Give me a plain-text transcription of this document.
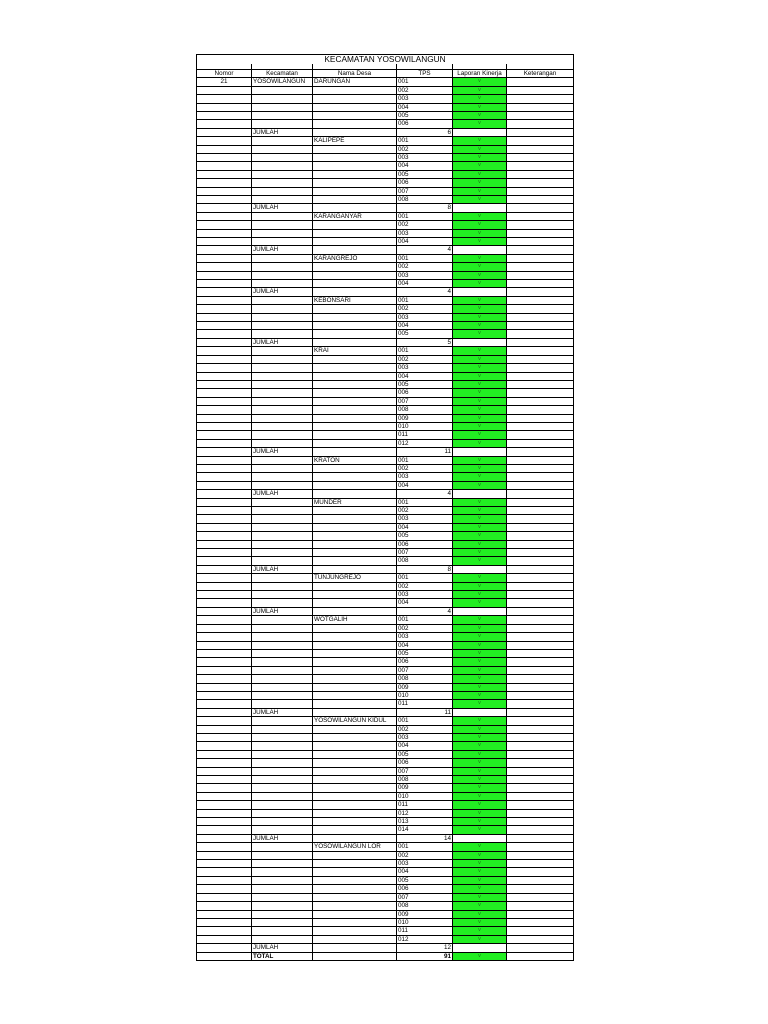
KECAMATAN YOSOWILANGUN					

Nomor	Kecamatan	Nama Desa	TPS	Laporan Kinerja	Keterangan
21	YOSOWILANGUN	DARUNGAN	001	v	
			002	v	
			003	v	
			004	v	
			005	v	
			006	v	
	JUMLAH		6		
		KALIPEPE	001	v	
			002	v	
			003	v	
			004	v	
			005	v	
			006	v	
			007	v	
			008	v	
	JUMLAH		8		
		KARANGANYAR	001	v	
			002	v	
			003	v	
			004	v	
	JUMLAH		4		
		KARANGREJO	001	v	
			002	v	
			003	v	
			004	v	
	JUMLAH		4		
		KEBONSARI	001	v	
			002	v	
			003	v	
			004	v	
			005	v	
	JUMLAH		5		
		KRAI	001	v	
			002	v	
			003	v	
			004	v	
			005	v	
			006	v	
			007	v	
			008	v	
			009	v	
			010	v	
			011	v	
			012	v	
	JUMLAH		11		
		KRATON	001	v	
			002	v	
			003	v	
			004	v	
	JUMLAH		4		
		MUNDER	001	v	
			002	v	
			003	v	
			004	v	
			005	v	
			006	v	
			007	v	
			008	v	
	JUMLAH		8		
		TUNJUNGREJO	001	v	
			002	v	
			003	v	
			004	v	
	JUMLAH		4		
		WOTGALIH	001	v	
			002	v	
			003	v	
			004	v	
			005	v	
			006	v	
			007	v	
			008	v	
			009	v	
			010	v	
			011	v	
	JUMLAH		11		
		YOSOWILANGUN KIDUL	001	v	
			002	v	
			003	v	
			004	v	
			005	v	
			006	v	
			007	v	
			008	v	
			009	v	
			010	v	
			011	v	
			012	v	
			013	v	
			014	v	
	JUMLAH		14		
		YOSOWILANGUN LOR	001	v	
			002	v	
			003	v	
			004	v	
			005	v	
			006	v	
			007	v	
			008	v	
			009	v	
			010	v	
			011	v	
			012	v	
	JUMLAH		12		
	TOTAL		91	v	
